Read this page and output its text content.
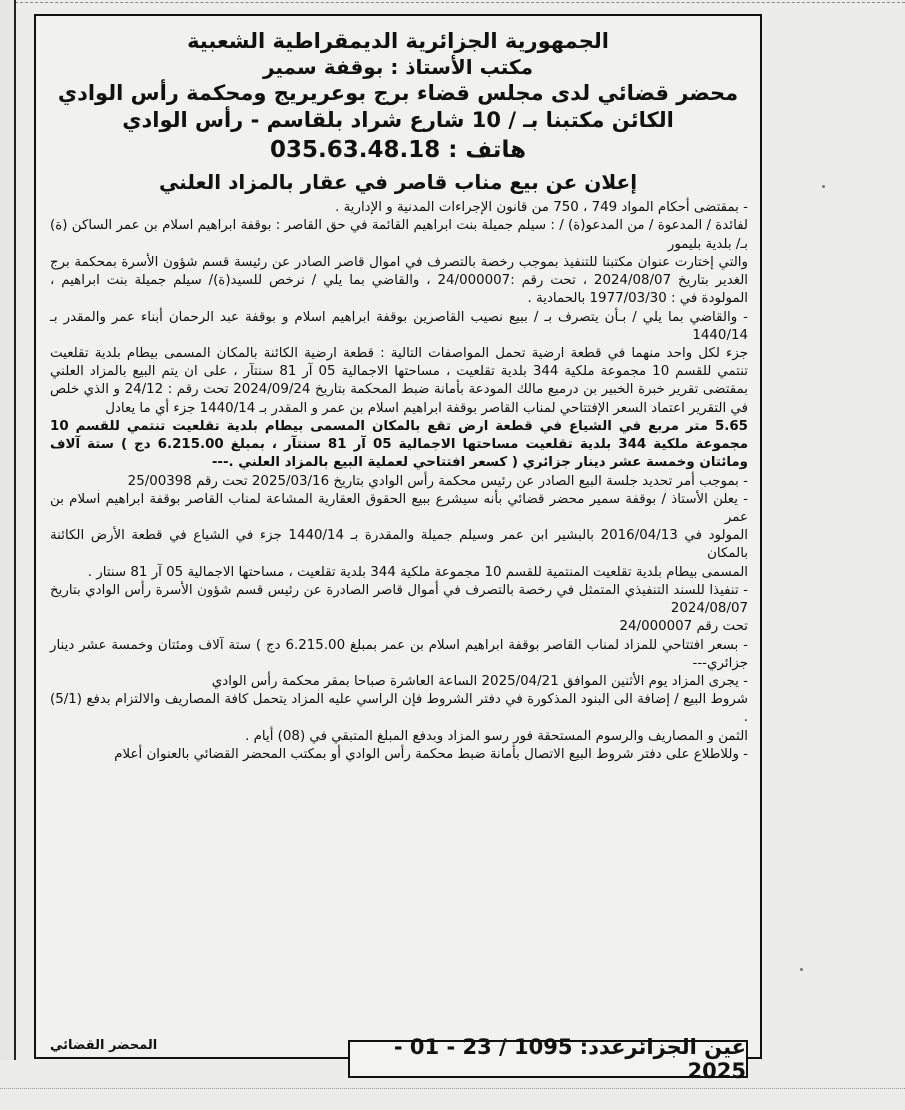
الجمهورية الجزائرية الديمقراطية الشعبية

مكتب الأستاذ : بوقفة سمير

محضر قضائي لدى مجلس قضاء برج بوعريريج ومحكمة رأس الوادي

الكائن مكتبنا بـ / 10 شارع شراد بلقاسم - رأس الوادي

هاتف : 035.63.48.18

إعلان عن بيع مناب قاصر في عقار بالمزاد العلني

- بمقتضى أحكام المواد 749 ، 750 من قانون الإجراءات المدنية و الإدارية .

لفائدة / المدعوة / من المدعو(ة) / : سيلم جميلة بنت ابراهيم القائمة في حق القاصر : بوقفة ابراهيم اسلام بن عمر الساكن (ة) بـ/ بلدية بليمور

والتي إختارت عنوان مكتبنا للتنفيذ بموجب رخصة بالتصرف في اموال قاصر الصادر عن رئيسة قسم شؤون الأسرة بمحكمة برج الغدير بتاريخ 2024/08/07 ، تحت رقم :24/000007 ، والقاضي بما يلي / نرخص للسيد(ة)/ سيلم جميلة بنت ابراهيم ، المولودة في : 1977/03/30 بالحمادية .

- والقاضي بما يلي / بـأن يتصرف بـ / ببيع نصيب القاصرين بوقفة ابراهيم اسلام و بوقفة عبد الرحمان أبناء عمر والمقدر بـ 1440/14

جزء لكل واحد منهما في قطعة ارضية تحمل المواصفات التالية : قطعة ارضية الكائنة بالمكان المسمى بيطام بلدية تقلعيت تنتمي للقسم 10 مجموعة ملكية 344 بلدية تقلعيت ، مساحتها الاجمالية 05 آر 81 سنتآر ، على ان يتم البيع بالمزاد العلني بمقتضى تقرير خبرة الخبير بن درميع مالك المودعة بأمانة ضبط المحكمة بتاريخ 2024/09/24 تحت رقم : 24/12 و الذي خلص في التقرير اعتماد السعر الإفتتاحي لمناب القاصر بوقفة ابراهيم اسلام بن عمر و المقدر بـ 1440/14 جزء أي ما يعادل

5.65 متر مربع في الشياع في قطعة ارض تقع بالمكان المسمى بيطام بلدية تقلعيت تنتمي للقسم 10 مجموعة ملكية 344 بلدية تقلعيت مساحتها الاجمالية 05 آر 81 سنتآر ، بمبلغ 6.215.00 دج ) ستة آلاف ومائتان وخمسة عشر دينار جزائري ( كسعر افتتاحي لعملية البيع بالمزاد العلني .---

- بموجب أمر تحديد جلسة البيع الصادر عن رئيس محكمة رأس الوادي بتاريخ 2025/03/16 تحت رقم 25/00398

- يعلن الأستاذ / بوقفة سمير محضر قضائي بأنه سيشرع ببيع الحقوق العقارية المشاعة لمناب القاصر بوقفة ابراهيم اسلام بن عمر

المولود في 2016/04/13 بالبشير ابن عمر وسيلم جميلة والمقدرة بـ 1440/14 جزء في الشياع في قطعة الأرض الكائنة بالمكان

المسمى بيطام بلدية تقلعيت المنتمية للقسم 10 مجموعة ملكية 344 بلدية تقلعيت ، مساحتها الاجمالية 05 آر 81 سنتار .

- تنفيذا للسند التنفيذي المتمثل في رخصة بالتصرف في أموال قاصر الصادرة عن رئيس قسم شؤون الأسرة رأس الوادي بتاريخ 2024/08/07

تحت رقم 24/000007

- بسعر افتتاحي للمزاد لمناب القاصر بوقفة ابراهيم اسلام بن عمر بمبلغ 6.215.00 دج ) ستة آلاف ومئتان وخمسة عشر دينار جزائري---

- يجرى المزاد يوم الأثنين الموافق 2025/04/21 الساعة العاشرة صباحا بمقر محكمة رأس الوادي

شروط البيع / إضافة الى البنود المذكورة في دفتر الشروط فإن الراسي عليه المزاد يتحمل كافة المصاريف والالتزام بدفع (5/1) .

الثمن و المصاريف والرسوم المستحقة فور رسو المزاد وبدفع المبلغ المتبقي في (08) أيام .

- وللاطلاع على دفتر شروط البيع الاتصال بأمانة ضبط محكمة رأس الوادي أو بمكتب المحضر القضائي بالعنوان أعلام

المحضر القضائي	عين الجزائرعدد: 1095 / 23 - 01 - 2025
